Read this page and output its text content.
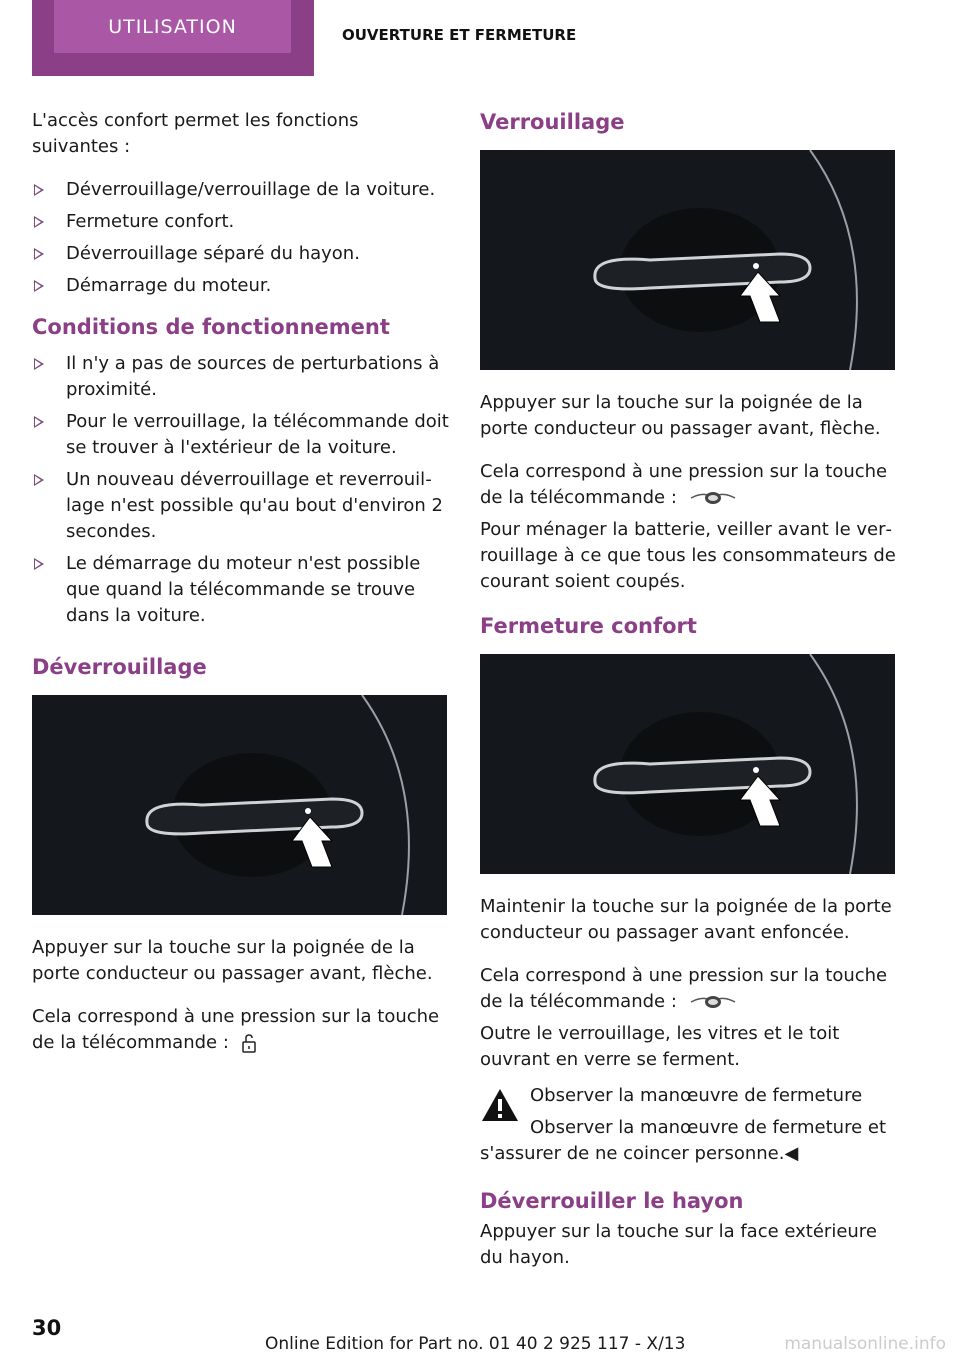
UTILISATION	OUVERTURE ET FERMETURE

L'accès confort permet les fonctions suivantes :

Déverrouillage/verrouillage de la voiture.
Fermeture confort.
Déverrouillage séparé du hayon.
Démarrage du moteur.
Conditions de fonctionnement
Il n'y a pas de sources de perturbations à proximité.
Pour le verrouillage, la télécommande doit se trouver à l'extérieur de la voiture.
Un nouveau déverrouillage et reverrouillage n'est possible qu'au bout d'environ 2 secondes.
Le démarrage du moteur n'est possible que quand la télécommande se trouve dans la voiture.
Déverrouillage

Appuyer sur la touche sur la poignée de la porte conducteur ou passager avant, flèche.

Cela correspond à une pression sur la touche de la télécommande :

Verrouillage

Appuyer sur la touche sur la poignée de la porte conducteur ou passager avant, flèche.

Cela correspond à une pression sur la touche de la télécommande :

Pour ménager la batterie, veiller avant le verrouillage à ce que tous les consommateurs de courant soient coupés.

Fermeture confort

Maintenir la touche sur la poignée de la porte conducteur ou passager avant enfoncée.

Cela correspond à une pression sur la touche de la télécommande :

Outre le verrouillage, les vitres et le toit ouvrant en verre se ferment.

Observer la manœuvre de fermeture

Observer la manœuvre de fermeture et s'assurer de ne coincer personne.◀

Déverrouiller le hayon

Appuyer sur la touche sur la face extérieure du hayon.

30
Online Edition for Part no. 01 40 2 925 117 - X/13	manualsonline.info
